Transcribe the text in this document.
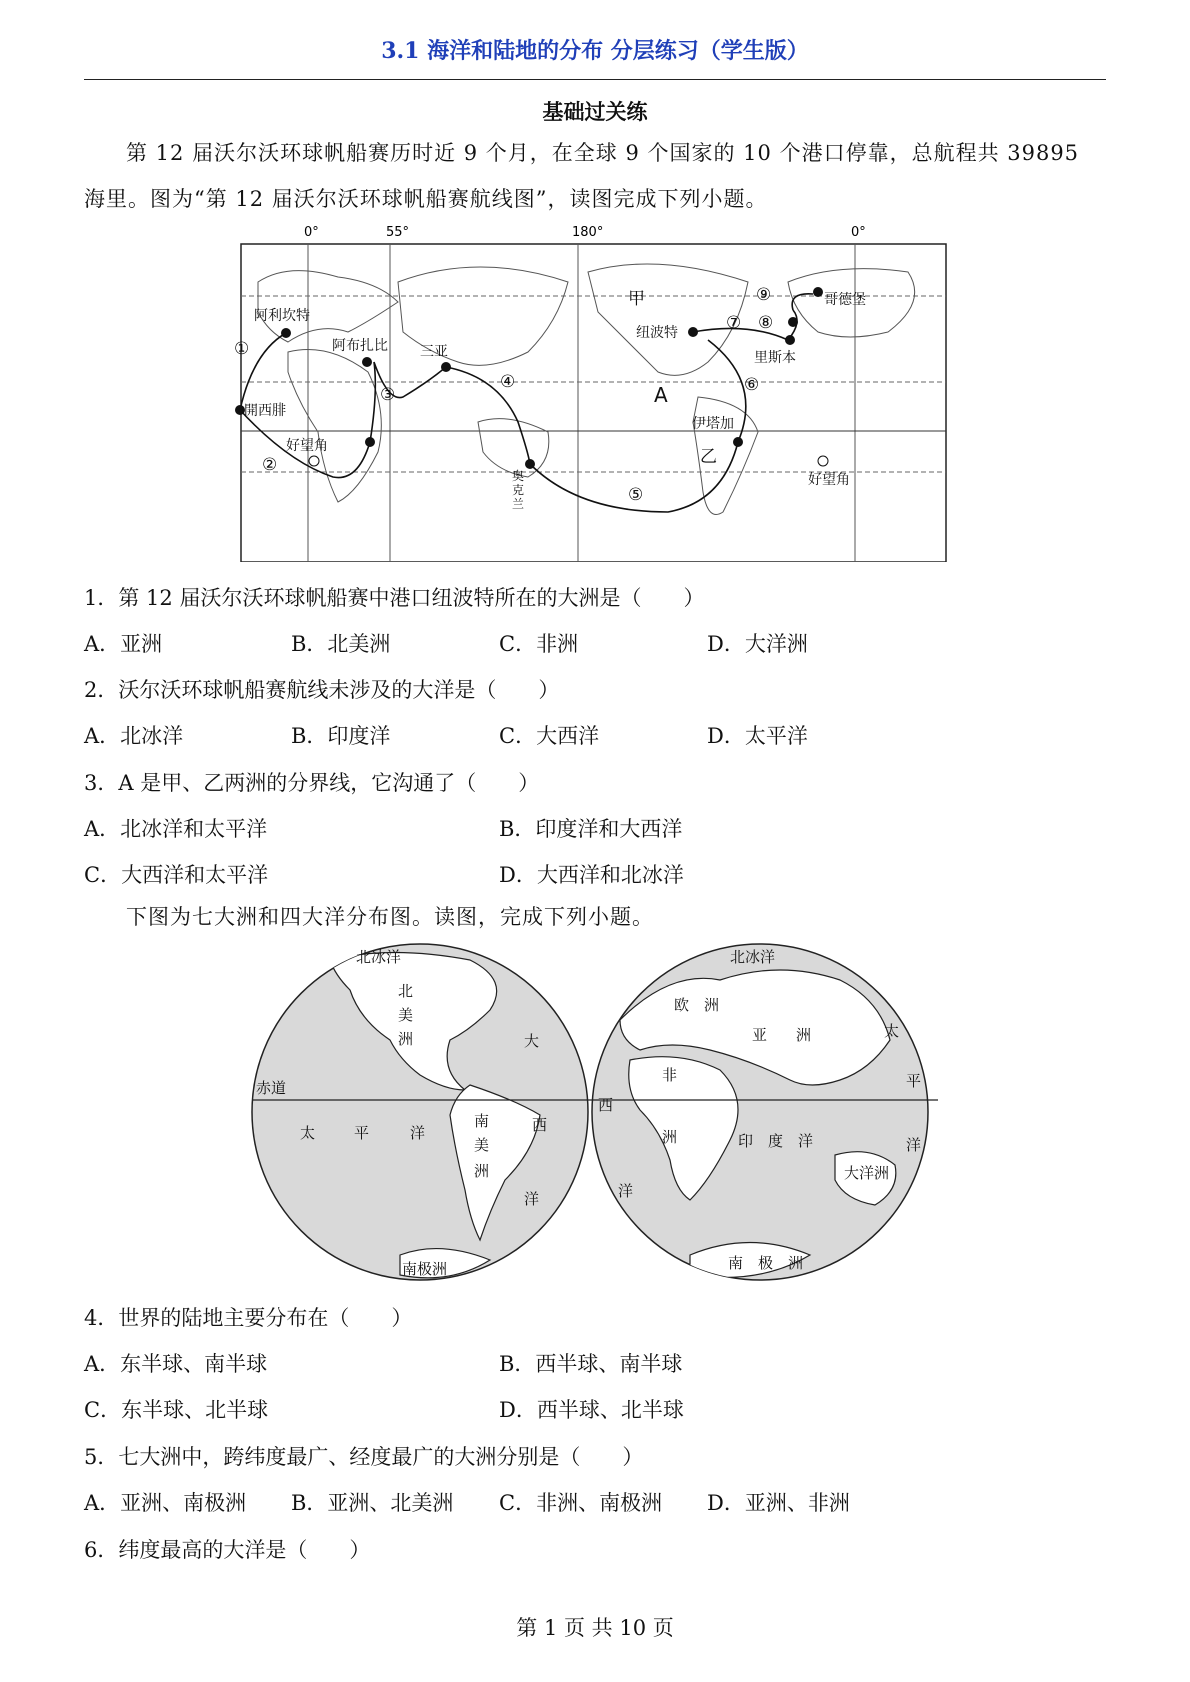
3.1 海洋和陆地的分布 分层练习（学生版）
基础过关练
第 12 届沃尔沃环球帆船赛历时近 9 个月，在全球 9 个国家的 10 个港口停靠，总航程共 39895
海里。图为“第 12 届沃尔沃环球帆船赛航线图”，读图完成下列小题。
0°	55°	180°	0°
阿利坎特
開西腓
阿布扎比 三亚
纽波特
里斯本
哥德堡
伊塔加
好望角
好望角
甲
乙
A
奥
克
兰
①
②
③
④
⑤
⑥
⑦ ⑧
⑨
1．第 12 届沃尔沃环球帆船赛中港口纽波特所在的大洲是（　　）
A．亚洲	B．北美洲	C．非洲	D．大洋洲
2．沃尔沃环球帆船赛航线未涉及的大洋是（　　）
A．北冰洋	B．印度洋	C．大西洋	D．太平洋
3．A 是甲、乙两洲的分界线，它沟通了（　　）
A．北冰洋和太平洋	B．印度洋和大西洋
C．大西洋和太平洋	D．大西洋和北冰洋
下图为七大洲和四大洋分布图。读图，完成下列小题。
北冰洋
北
美
洲	大
赤道
太	平	洋
南
美
洲
西
洋
南极洲
北冰洋
欧　洲
亚 洲
非
洲
西
洋
印　度　洋
太
平
洋
大洋洲
南　极　洲
4．世界的陆地主要分布在（　　）
A．东半球、南半球	B．西半球、南半球
C．东半球、北半球	D．西半球、北半球
5．七大洲中，跨纬度最广、经度最广的大洲分别是（　　）
A．亚洲、南极洲 B．亚洲、北美洲 C．非洲、南极洲 D．亚洲、非洲
6．纬度最高的大洋是（　　）
第 1 页 共 10 页
